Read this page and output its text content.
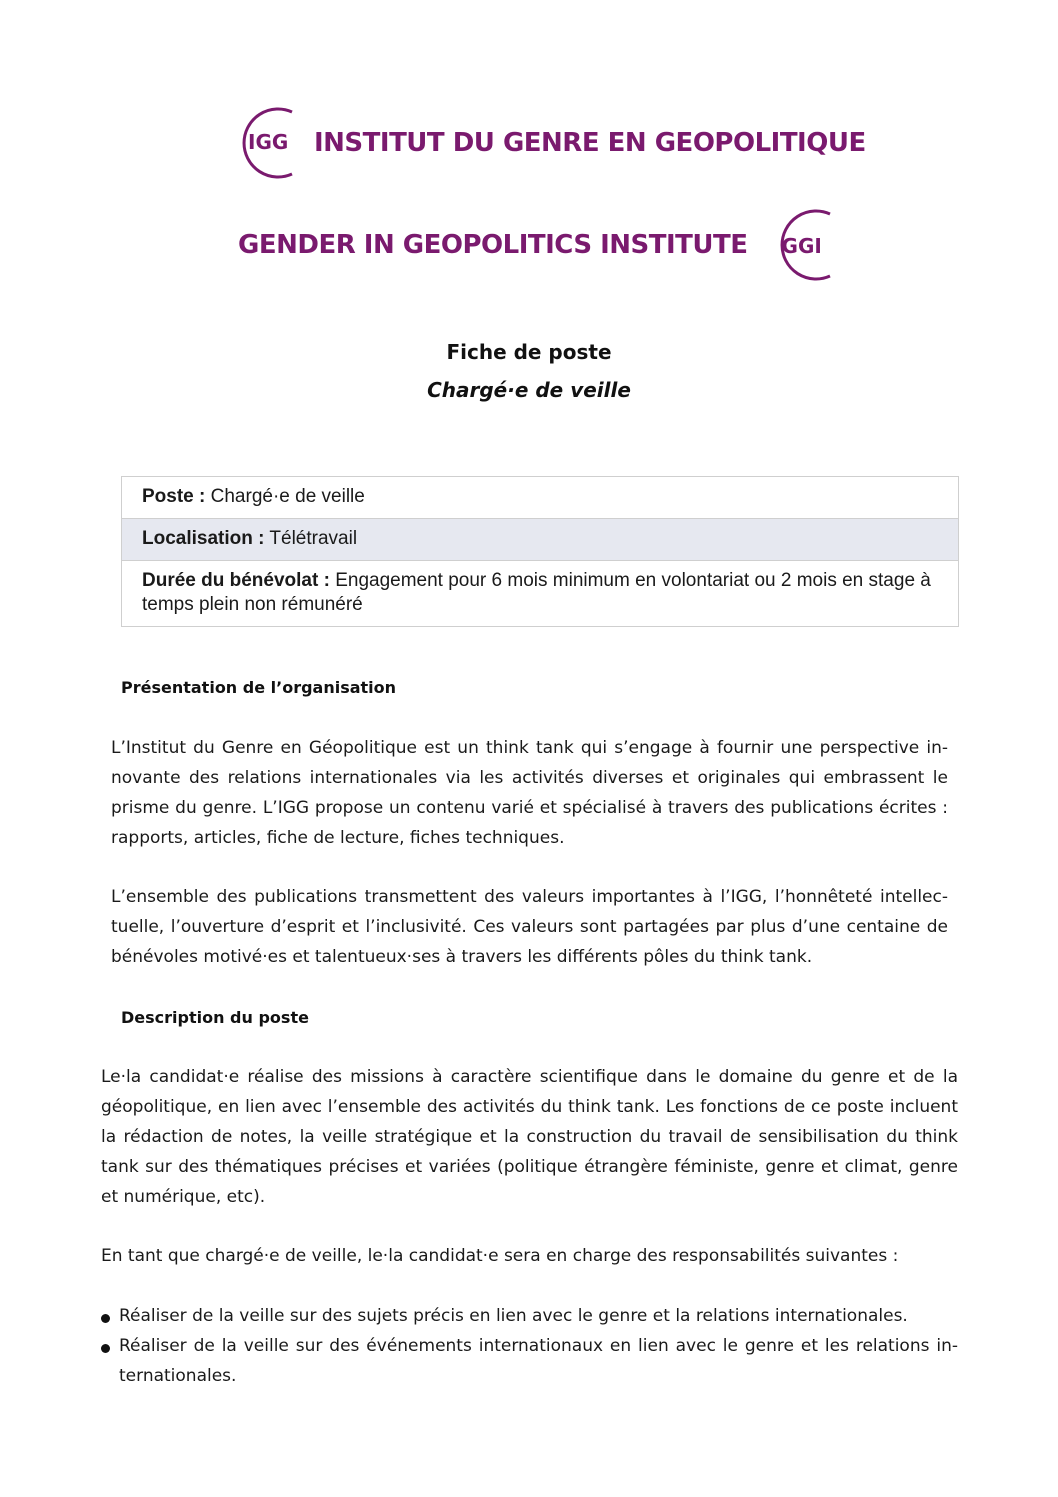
IGG INSTITUT DU GENRE EN GEOPOLITIQUE
GENDER IN GEOPOLITICS INSTITUTE GGI
Fiche de poste
Chargé·e de veille
Poste : Chargé·e de veille
Localisation : Télétravail
Durée du bénévolat : Engagement pour 6 mois minimum en volontariat ou 2 mois en stage à temps plein non rémunéré
Présentation de l’organisation

L’Institut du Genre en Géopolitique est un think tank qui s’engage à fournir une perspective in-novante des relations internationales via les activités diverses et originales qui embrassent le prisme du genre. L’IGG propose un contenu varié et spécialisé à travers des publications écrites : rapports, articles, fiche de lecture, fiches techniques.

L’ensemble des publications transmettent des valeurs importantes à l’IGG, l’honnêteté intellec-tuelle, l’ouverture d’esprit et l’inclusivité. Ces valeurs sont partagées par plus d’une centaine de bénévoles motivé·es et talentueux·ses à travers les différents pôles du think tank.

Description du poste

Le·la candidat·e réalise des missions à caractère scientifique dans le domaine du genre et de la géopolitique, en lien avec l’ensemble des activités du think tank. Les fonctions de ce poste incluent la rédaction de notes, la veille stratégique et la construction du travail de sensibilisation du think tank sur des thématiques précises et variées (politique étrangère féministe, genre et climat, genre et numérique, etc).

En tant que chargé·e de veille, le·la candidat·e sera en charge des responsabilités suivantes :

Réaliser de la veille sur des sujets précis en lien avec le genre et la relations internationales.
Réaliser de la veille sur des événements internationaux en lien avec le genre et les relations in-ternationales.
